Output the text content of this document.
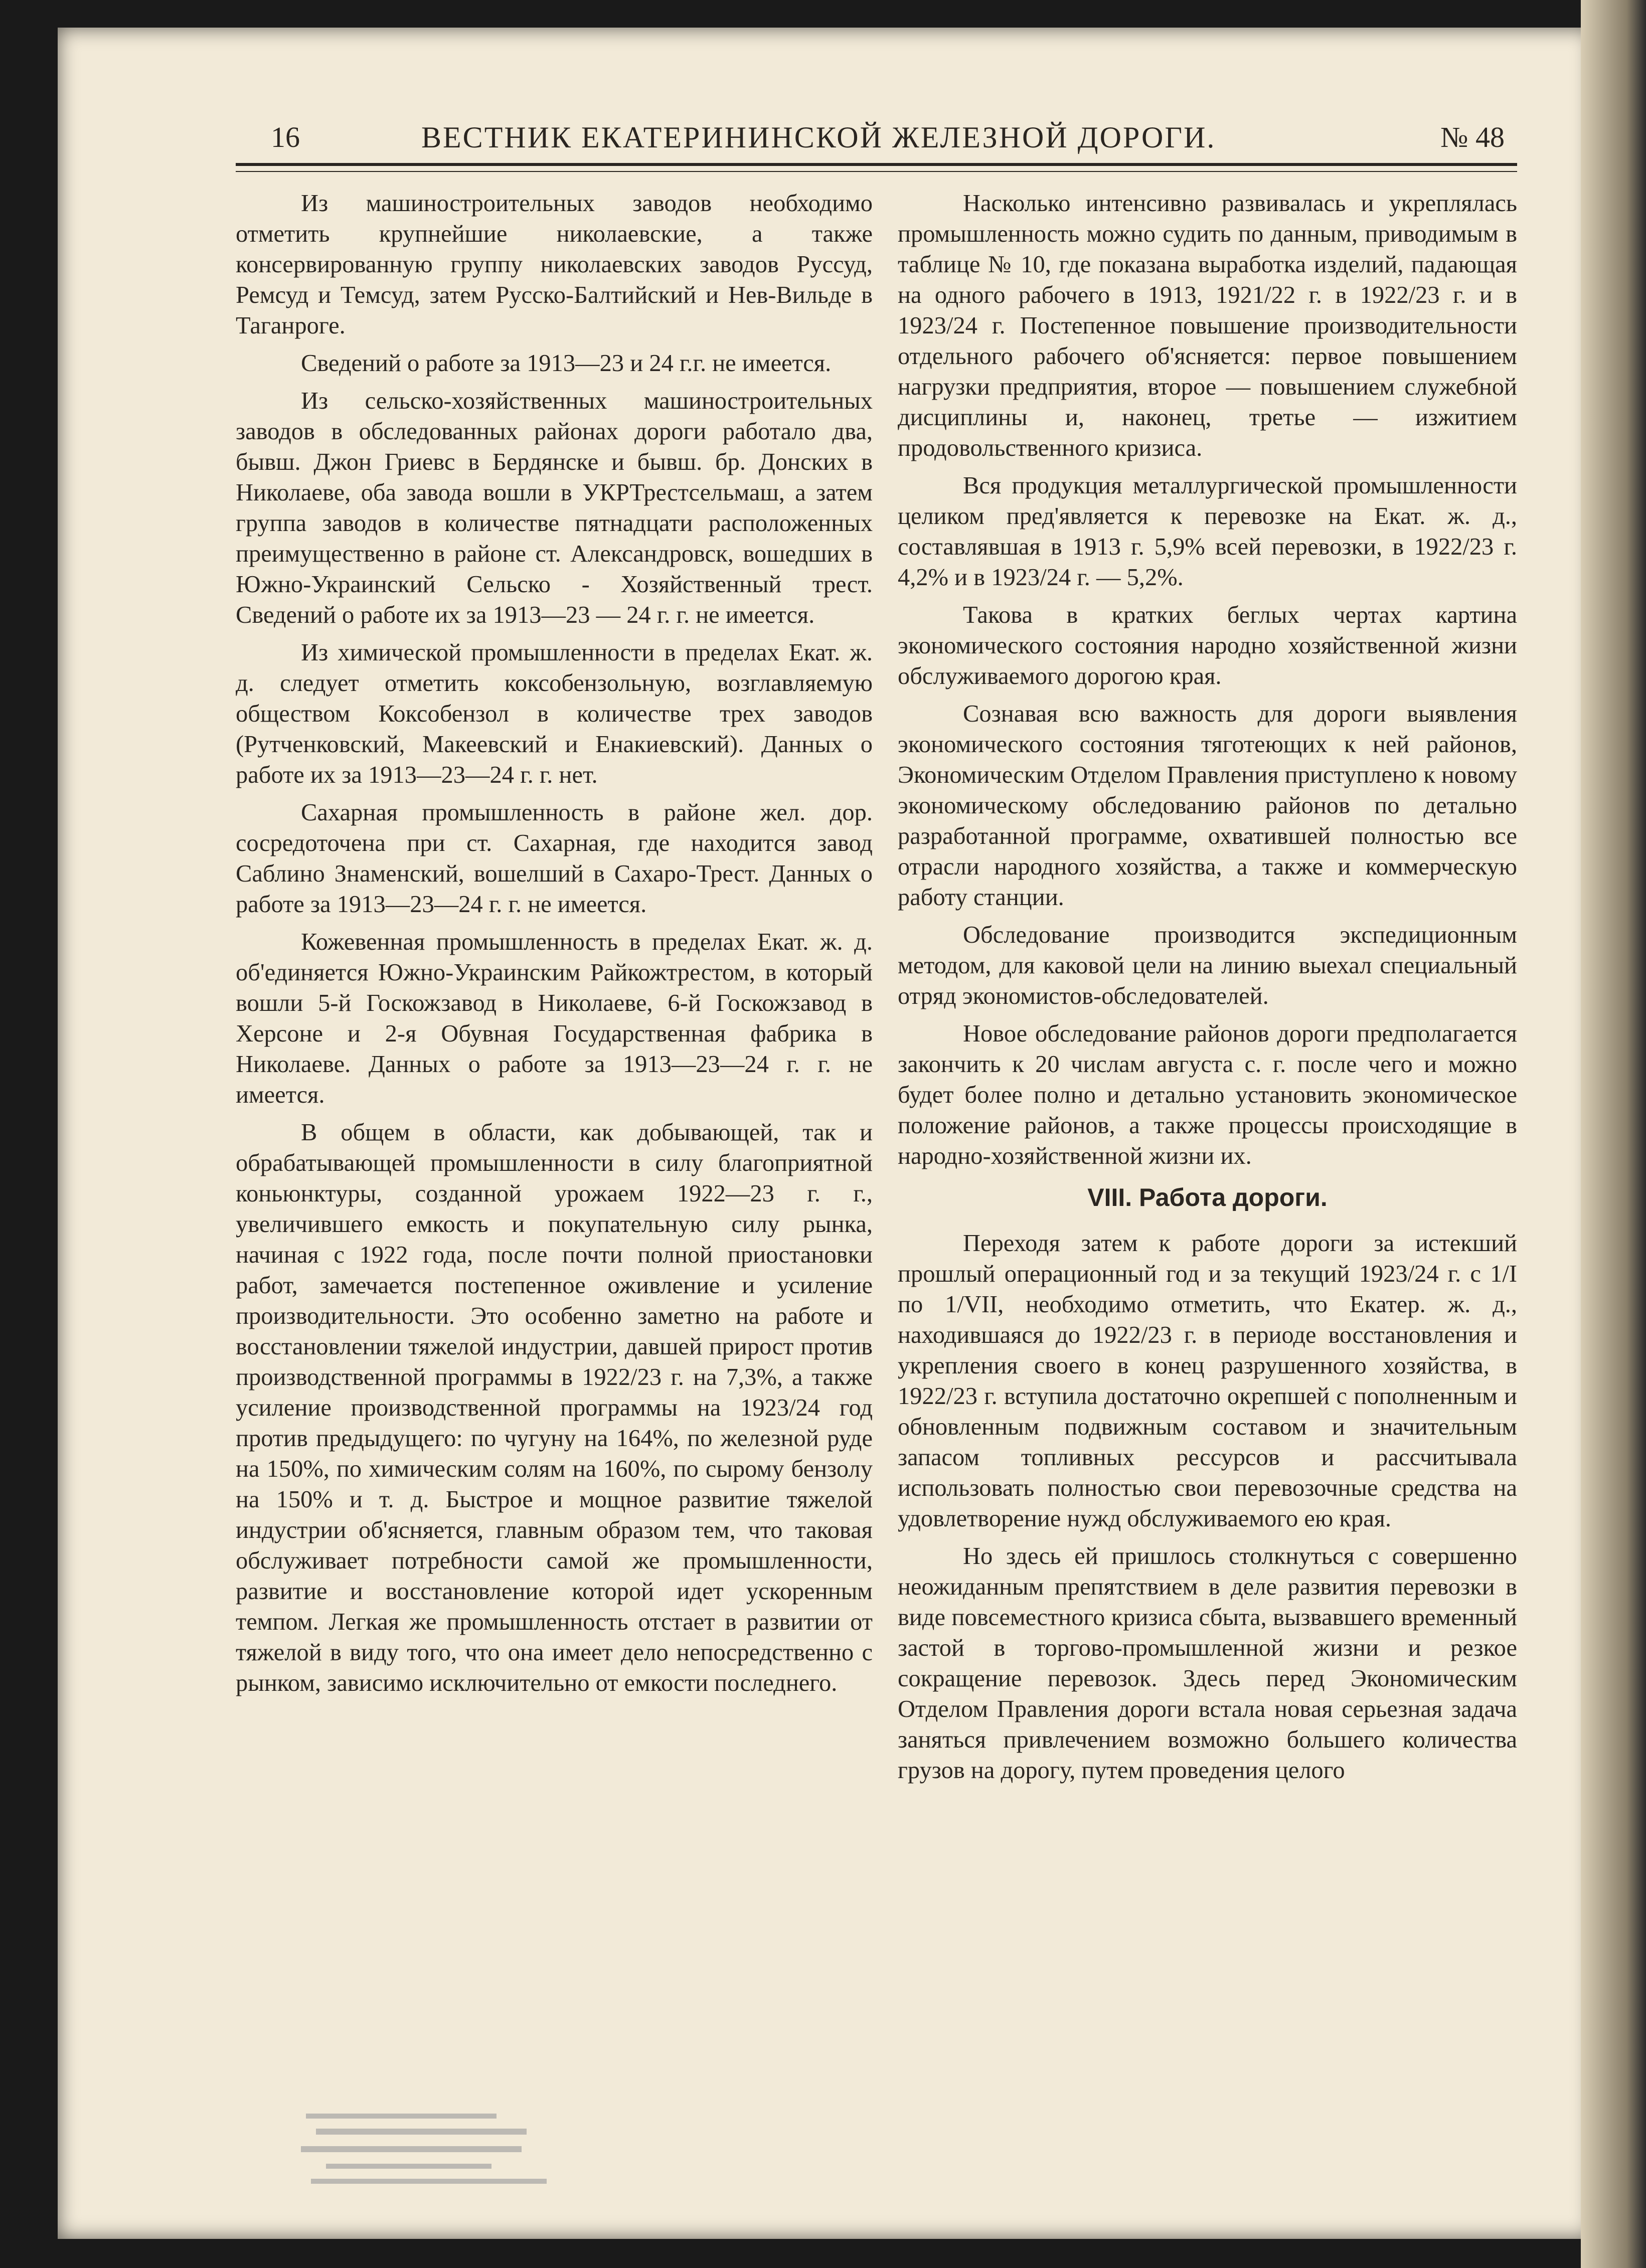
16	ВЕСТНИК ЕКАТЕРИНИНСКОЙ ЖЕЛЕЗНОЙ ДОРОГИ.	№ 48

Из машиностроительных заводов необходимо отметить крупнейшие николаевские, а также консервированную группу николаевских заводов Руссуд, Ремсуд и Темсуд, затем Русско-Балтийский и Нев-Вильде в Таганроге.

Сведений о работе за 1913—23 и 24 г.г. не имеется.

Из сельско-хозяйственных машиностроительных заводов в обследованных районах дороги работало два, бывш. Джон Гриевс в Бердянске и бывш. бр. Донских в Николаеве, оба завода вошли в УКРТрестсельмаш, а затем группа заводов в количестве пятнадцати расположенных преимущественно в районе ст. Александровск, вошедших в Южно-Украинский Сельско - Хозяйственный трест. Сведений о работе их за 1913—23 — 24 г. г. не имеется.

Из химической промышленности в пределах Екат. ж. д. следует отметить коксобензольную, возглавляемую обществом Коксобензол в количестве трех заводов (Рутченковский, Макеевский и Енакиевский). Данных о работе их за 1913—23—24 г. г. нет.

Сахарная промышленность в районе жел. дор. сосредоточена при ст. Сахарная, где находится завод Саблино Знаменский, вошелший в Сахаро-Трест. Данных о работе за 1913—23—24 г. г. не имеется.

Кожевенная промышленность в пределах Екат. ж. д. об'единяется Южно-Украинским Райкожтрестом, в который вошли 5-й Госкожзавод в Николаеве, 6-й Госкожзавод в Херсоне и 2-я Обувная Государственная фабрика в Николаеве. Данных о работе за 1913—23—24 г. г. не имеется.

В общем в области, как добывающей, так и обрабатывающей промышленности в силу благоприятной коньюнктуры, созданной урожаем 1922—23 г. г., увеличившего емкость и покупательную силу рынка, начиная с 1922 года, после почти полной приостановки работ, замечается постепенное оживление и усиление производительности. Это особенно заметно на работе и восстановлении тяжелой индустрии, давшей прирост против производственной программы в 1922/23 г. на 7,3%, а также усиление производственной программы на 1923/24 год против предыдущего: по чугуну на 164%, по железной руде на 150%, по химическим солям на 160%, по сырому бензолу на 150% и т. д. Быстрое и мощное развитие тяжелой индустрии об'ясняется, главным образом тем, что таковая обслуживает потребности самой же промышленности, развитие и восстановление которой идет ускоренным темпом. Легкая же промышленность отстает в развитии от тяжелой в виду того, что она имеет дело непосредственно с рынком, зависимо исключительно от емкости последнего.

Насколько интенсивно развивалась и укреплялась промышленность можно судить по данным, приводимым в таблице № 10, где показана выработка изделий, падающая на одного рабочего в 1913, 1921/22 г. в 1922/23 г. и в 1923/24 г. Постепенное повышение производительности отдельного рабочего об'ясняется: первое повышением нагрузки предприятия, второе — повышением служебной дисциплины и, наконец, третье — изжитием продовольственного кризиса.

Вся продукция металлургической промышленности целиком пред'является к перевозке на Екат. ж. д., составлявшая в 1913 г. 5,9% всей перевозки, в 1922/23 г. 4,2% и в 1923/24 г. — 5,2%.

Такова в кратких беглых чертах картина экономического состояния народно хозяйственной жизни обслуживаемого дорогою края.

Сознавая всю важность для дороги выявления экономического состояния тяготеющих к ней районов, Экономическим Отделом Правления приступлено к новому экономическому обследованию районов по детально разработанной программе, охватившей полностью все отрасли народного хозяйства, а также и коммерческую работу станции.

Обследование производится экспедиционным методом, для каковой цели на линию выехал специальный отряд экономистов-обследователей.

Новое обследование районов дороги предполагается закончить к 20 числам августа с. г. после чего и можно будет более полно и детально установить экономическое положение районов, а также процессы происходящие в народно-хозяйственной жизни их.

VIII. Работа дороги.

Переходя затем к работе дороги за истекший прошлый операционный год и за текущий 1923/24 г. с 1/I по 1/VII, необходимо отметить, что Екатер. ж. д., находившаяся до 1922/23 г. в периоде восстановления и укрепления своего в конец разрушенного хозяйства, в 1922/23 г. вступила достаточно окрепшей с пополненным и обновленным подвижным составом и значительным запасом топливных рессурсов и рассчитывала использовать полностью свои перевозочные средства на удовлетворение нужд обслуживаемого ею края.

Но здесь ей пришлось столкнуться с совершенно неожиданным препятствием в деле развития перевозки в виде повсеместного кризиса сбыта, вызвавшего временный застой в торгово-промышленной жизни и резкое сокращение перевозок. Здесь перед Экономическим Отделом Правления дороги встала новая серьезная задача заняться привлечением возможно большего количества грузов на дорогу, путем проведения целого
